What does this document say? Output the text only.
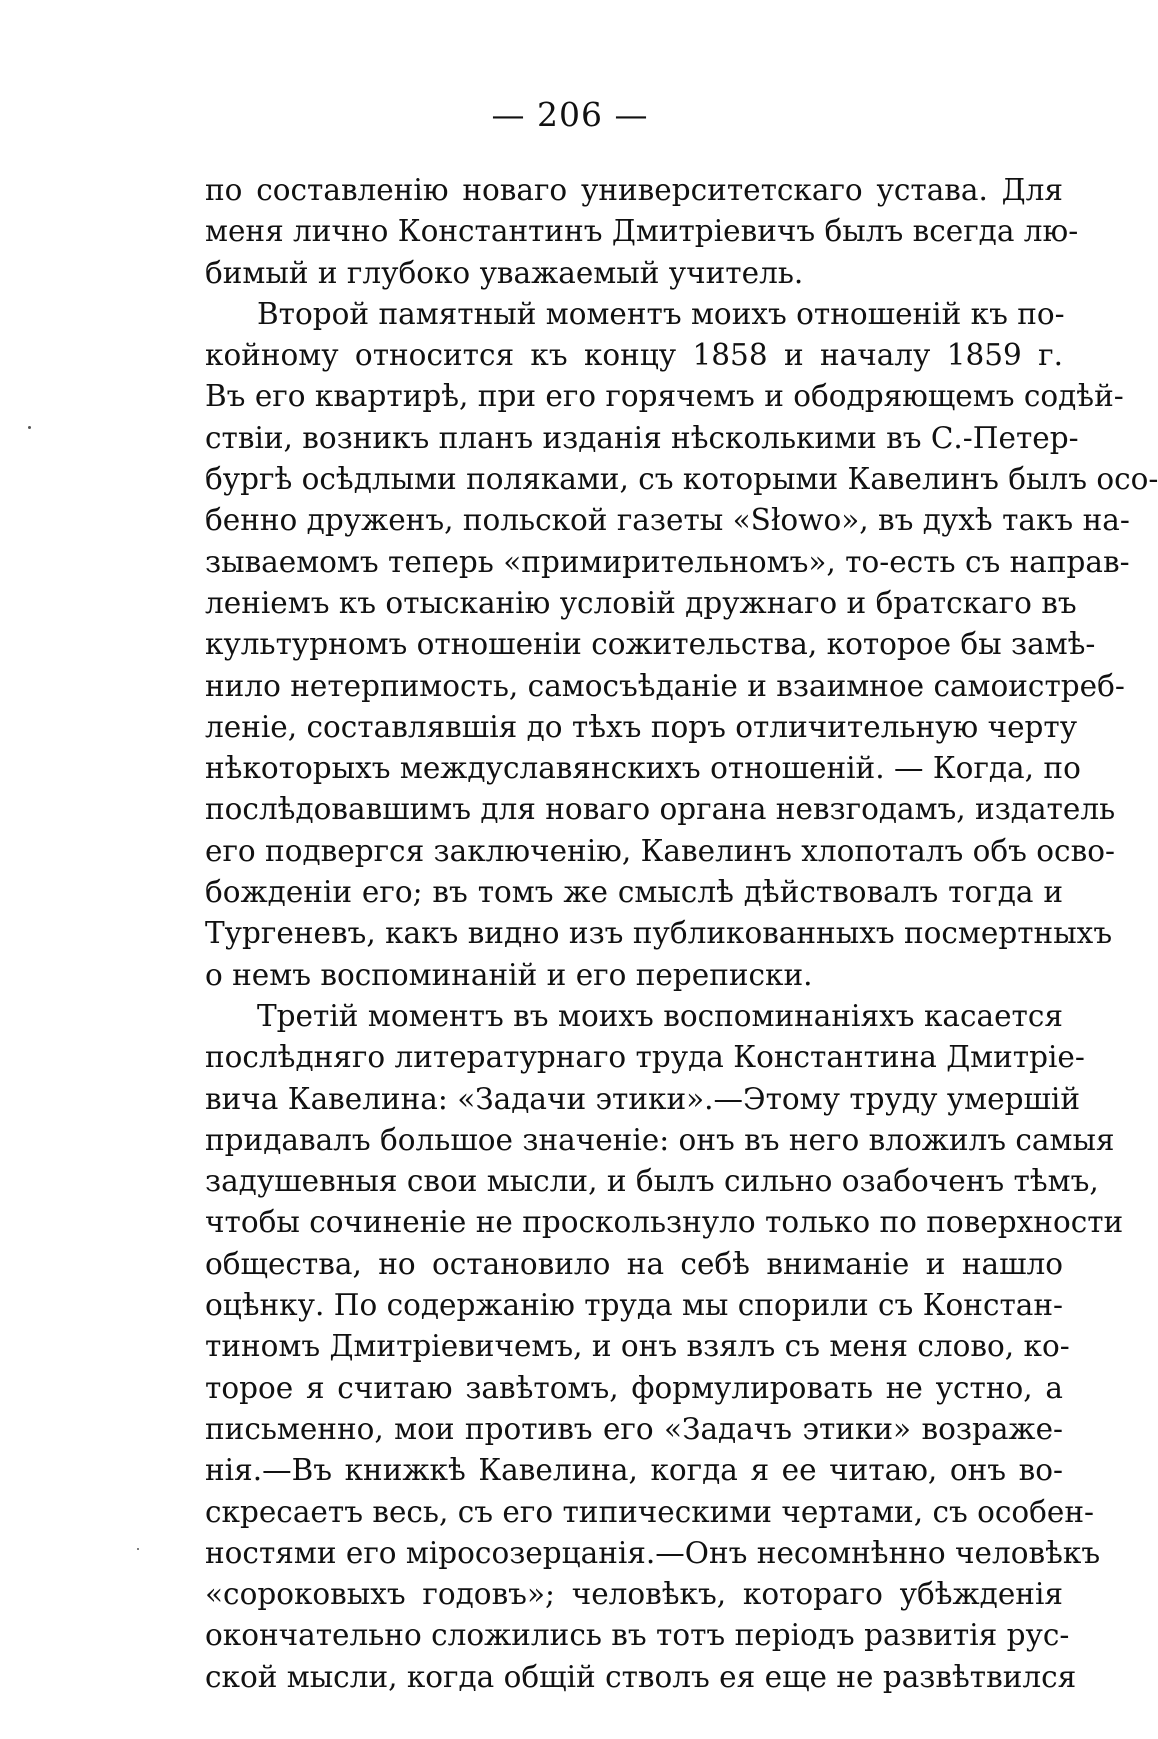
— 206 —
по составленію новаго университетскаго устава. Для
меня лично Константинъ Дмитріевичъ былъ всегда лю-
бимый и глубоко уважаемый учитель.
Второй памятный моментъ моихъ отношеній къ по-
койному относится къ концу 1858 и началу 1859 г.
Въ его квартирѣ, при его горячемъ и ободряющемъ содѣй-
ствіи, возникъ планъ изданія нѣсколькими въ С.-Петер-
бургѣ осѣдлыми поляками, съ которыми Кавелинъ былъ осо-
бенно друженъ, польской газеты «Słowo», въ духѣ такъ на-
зываемомъ теперь «примирительномъ», то-есть съ направ-
леніемъ къ отысканію условій дружнаго и братскаго въ
культурномъ отношеніи сожительства, которое бы замѣ-
нило нетерпимость, самосъѣданіе и взаимное самоистреб-
леніе, составлявшія до тѣхъ поръ отличительную черту
нѣкоторыхъ междуславянскихъ отношеній. — Когда, по
послѣдовавшимъ для новаго органа невзгодамъ, издатель
его подвергся заключенію, Кавелинъ хлопоталъ объ осво-
божденіи его; въ томъ же смыслѣ дѣйствовалъ тогда и
Тургеневъ, какъ видно изъ публикованныхъ посмертныхъ
о немъ воспоминаній и его переписки.
Третій моментъ въ моихъ воспоминаніяхъ касается
послѣдняго литературнаго труда Константина Дмитріе-
вича Кавелина: «Задачи этики».—Этому труду умершій
придавалъ большое значеніе: онъ въ него вложилъ самыя
задушевныя свои мысли, и былъ сильно озабоченъ тѣмъ,
чтобы сочиненіе не проскользнуло только по поверхности
общества, но остановило на себѣ вниманіе и нашло
оцѣнку. По содержанію труда мы спорили съ Констан-
тиномъ Дмитріевичемъ, и онъ взялъ съ меня слово, ко-
торое я считаю завѣтомъ, формулировать не устно, а
письменно, мои противъ его «Задачъ этики» возраже-
нія.—Въ книжкѣ Кавелина, когда я ее читаю, онъ во-
скресаетъ весь, съ его типическими чертами, съ особен-
ностями его міросозерцанія.—Онъ несомнѣнно человѣкъ
«сороковыхъ годовъ»; человѣкъ, котораго убѣжденія
окончательно сложились въ тотъ періодъ развитія рус-
ской мысли, когда общій стволъ ея еще не развѣтвился
